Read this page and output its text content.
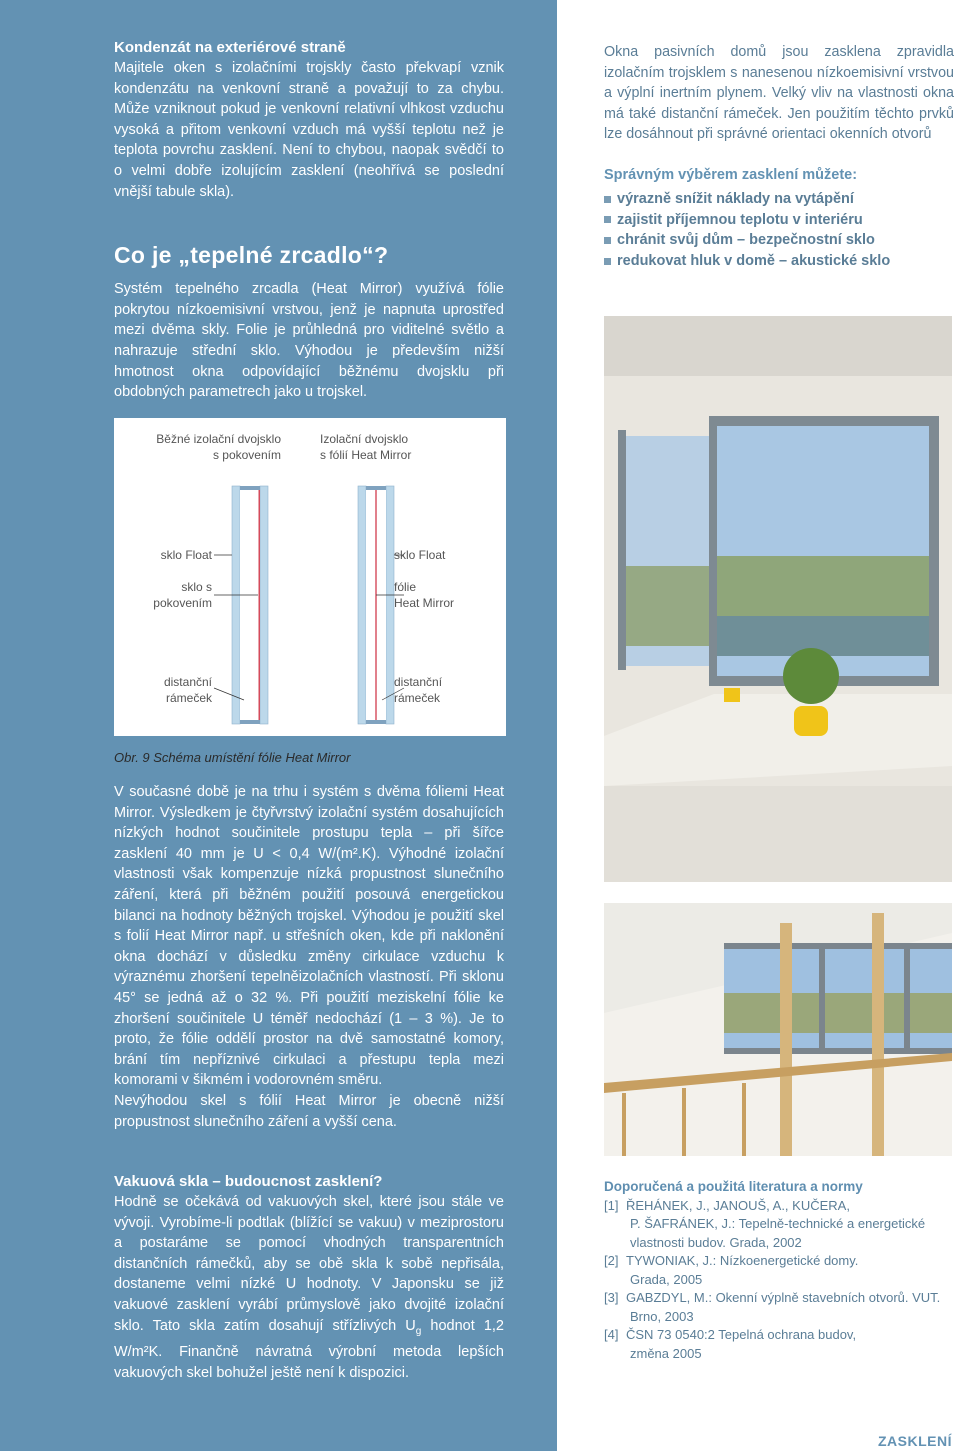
Kondenzát na exteriérové straně

Majitele oken s izolačními trojskly často překvapí vznik kondenzátu na venkovní straně a považují to za chybu. Může vzniknout pokud je venkovní relativní vlhkost vzduchu vysoká a přitom venkovní vzduch má vyšší teplotu než je teplota povrchu zasklení. Není to chybou, naopak svědčí to o velmi dobře izolujícím zasklení (neohřívá se poslední vnější tabule skla).

Co je „tepelné zrcadlo“?

Systém tepelného zrcadla (Heat Mirror) využívá fólie pokrytou nízkoemisivní vrstvou, jenž je napnuta uprostřed mezi dvěma skly. Folie je průhledná pro viditelné světlo a nahrazuje střední sklo. Výhodou je především nižší hmotnost okna odpovídající běžnému dvojsklu při obdobných parametrech jako u trojskel.

Běžné izolační dvojsklo
s pokovením
Izolační dvojsklo
s fólií Heat Mirror
sklo Float
sklo s
pokovením
distanční
rámeček
sklo Float
fólie
Heat Mirror
distanční
rámeček
Obr. 9 Schéma umístění fólie Heat Mirror

V současné době je na trhu i systém s dvěma fóliemi Heat Mirror. Výsledkem je čtyřvrstvý izolační systém dosahujících nízkých hodnot součinitele prostupu tepla – při šířce zasklení 40 mm je U < 0,4 W/(m².K). Výhodné izolační vlastnosti však kompenzuje nízká propustnost slunečního záření, která při běžném použití posouvá energetickou bilanci na hodnoty běžných trojskel. Výhodou je použití skel s folií Heat Mirror např. u střešních oken, kde při naklonění okna dochází v důsledku změny cirkulace vzduchu k výraznému zhoršení tepelněizolačních vlastností. Při sklonu 45° se jedná až o 32 %. Při použití meziskelní fólie ke zhoršení součinitele U téměř nedochází (1 – 3 %). Je to proto, že fólie oddělí prostor na dvě samostatné komory, brání tím nepříznivé cirkulaci a přestupu tepla mezi komorami v šikmém i vodorovném směru.

Nevýhodou skel s fólií Heat Mirror je obecně nižší propustnost slunečního záření a vyšší cena.

Vakuová skla – budoucnost zasklení?

Hodně se očekává od vakuových skel, které jsou stále ve vývoji. Vyrobíme-li podtlak (blížící se vakuu) v meziprostoru a postaráme se pomocí vhodných transparentních distančních rámečků, aby se obě skla k sobě nepřisála, dostaneme velmi nízké U hodnoty. V Japonsku se již vakuové zasklení vyrábí průmyslově jako dvojité izolační sklo. Tato skla zatím dosahují střízlivých $U_g$ hodnot 1,2 W/m²K. Finančně návratná výrobní metoda lepších vakuových skel bohužel ještě není k dispozici.

Okna pasivních domů jsou zasklena zpravidla izolačním trojsklem s nanesenou nízkoemisivní vrstvou a výplní inertním plynem. Velký vliv na vlastnosti okna má také distanční rámeček. Jen použitím těchto prvků lze dosáhnout při správné orientaci okenních otvorů

Správným výběrem zasklení můžete:
výrazně snížit náklady na vytápění
zajistit příjemnou teplotu v interiéru
chránit svůj dům – bezpečnostní sklo
redukovat hluk v domě – akustické sklo
Doporučená a použitá literatura a normy
[1] ŘEHÁNEK, J., JANOUŠ, A., KUČERA,
P. ŠAFRÁNEK, J.: Tepelně-technické a energetické vlastnosti budov. Grada, 2002
[2] TYWONIAK, J.: Nízkoenergetické domy.
Grada, 2005
[3] GABZDYL, M.: Okenní výplně stavebních otvorů. VUT.
Brno, 2003
[4] ČSN 73 0540:2 Tepelná ochrana budov,
změna 2005
ZASKLENÍ
